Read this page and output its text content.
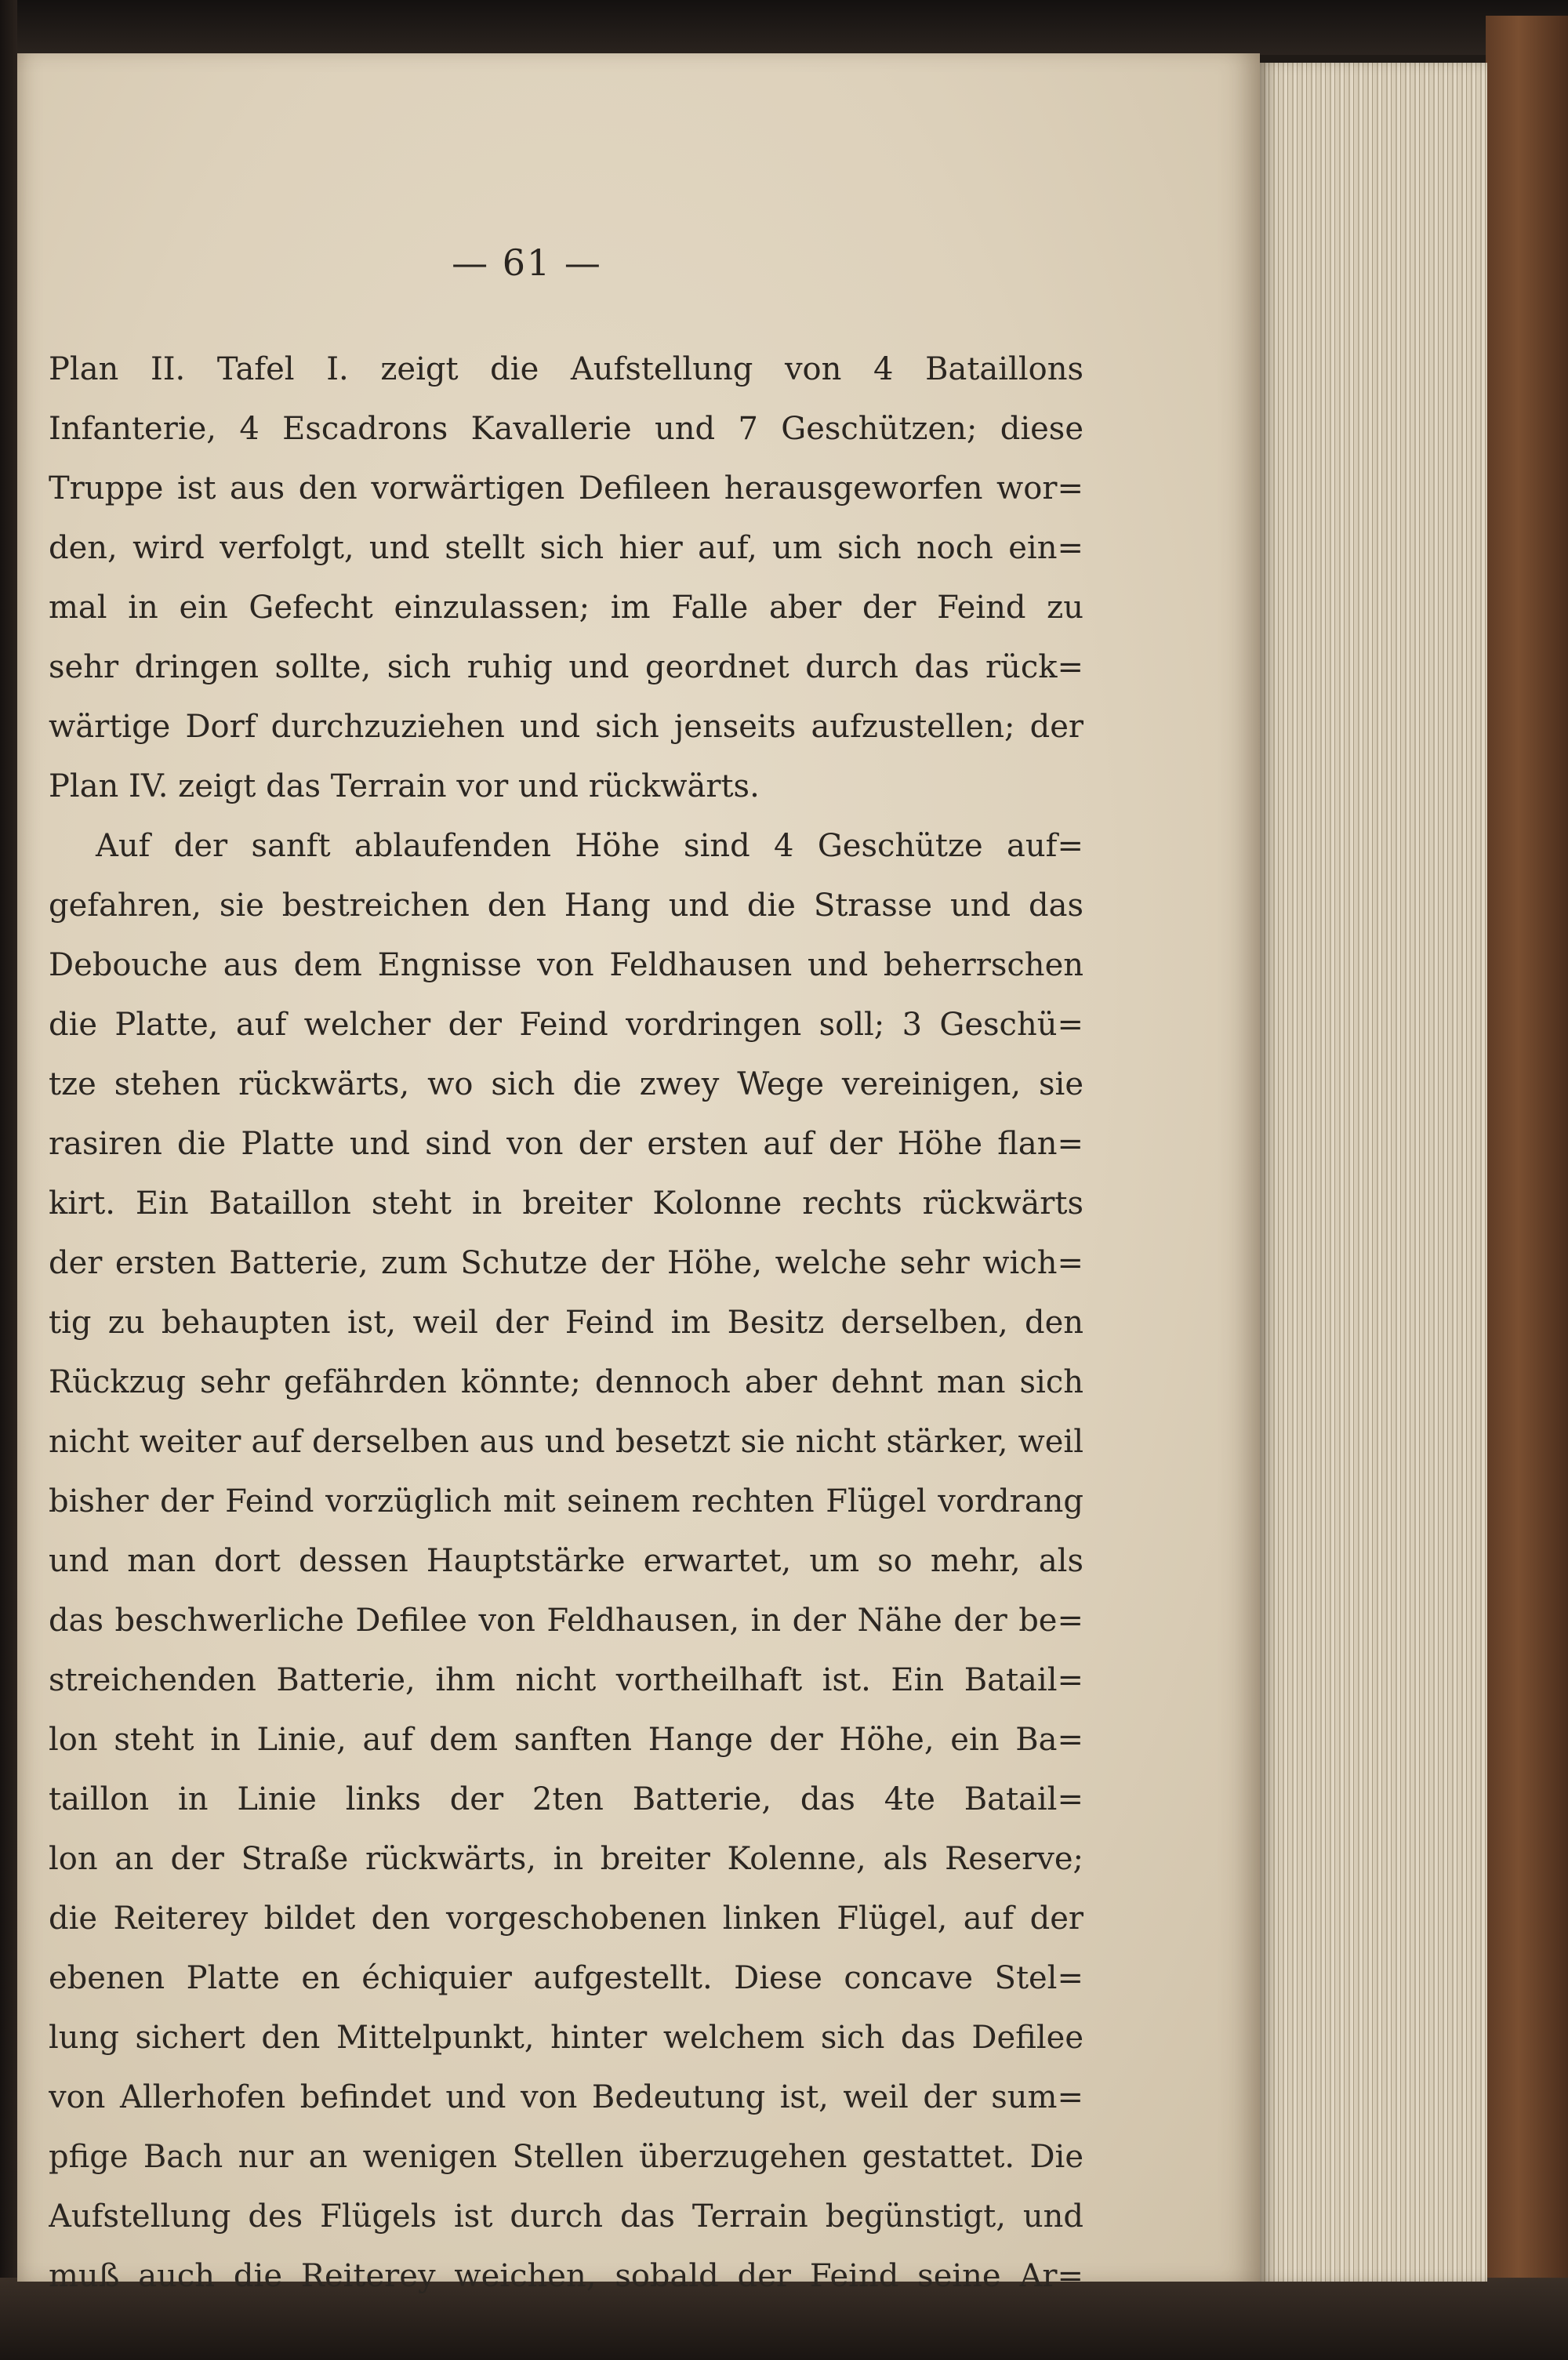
— 61 —
Plan II. Tafel I. zeigt die Aufstellung von 4 Bataillons
Infanterie, 4 Escadrons Kavallerie und 7 Geschützen; diese
Truppe ist aus den vorwärtigen Defileen herausgeworfen wor=
den, wird verfolgt, und stellt sich hier auf, um sich noch ein=
mal in ein Gefecht einzulassen; im Falle aber der Feind zu
sehr dringen sollte, sich ruhig und geordnet durch das rück=
wärtige Dorf durchzuziehen und sich jenseits aufzustellen; der
Plan IV. zeigt das Terrain vor und rückwärts.
Auf der sanft ablaufenden Höhe sind 4 Geschütze auf=
gefahren, sie bestreichen den Hang und die Strasse und das
Debouche aus dem Engnisse von Feldhausen und beherrschen
die Platte, auf welcher der Feind vordringen soll; 3 Geschü=
tze stehen rückwärts, wo sich die zwey Wege vereinigen, sie
rasiren die Platte und sind von der ersten auf der Höhe flan=
kirt. Ein Bataillon steht in breiter Kolonne rechts rückwärts
der ersten Batterie, zum Schutze der Höhe, welche sehr wich=
tig zu behaupten ist, weil der Feind im Besitz derselben, den
Rückzug sehr gefährden könnte; dennoch aber dehnt man sich
nicht weiter auf derselben aus und besetzt sie nicht stärker, weil
bisher der Feind vorzüglich mit seinem rechten Flügel vordrang
und man dort dessen Hauptstärke erwartet, um so mehr, als
das beschwerliche Defilee von Feldhausen, in der Nähe der be=
streichenden Batterie, ihm nicht vortheilhaft ist. Ein Batail=
lon steht in Linie, auf dem sanften Hange der Höhe, ein Ba=
taillon in Linie links der 2ten Batterie, das 4te Batail=
lon an der Straße rückwärts, in breiter Kolenne, als Reserve;
die Reiterey bildet den vorgeschobenen linken Flügel, auf der
ebenen Platte en échiquier aufgestellt. Diese concave Stel=
lung sichert den Mittelpunkt, hinter welchem sich das Defilee
von Allerhofen befindet und von Bedeutung ist, weil der sum=
pfige Bach nur an wenigen Stellen überzugehen gestattet. Die
Aufstellung des Flügels ist durch das Terrain begünstigt, und
muß auch die Reiterey weichen, sobald der Feind seine Ar=
